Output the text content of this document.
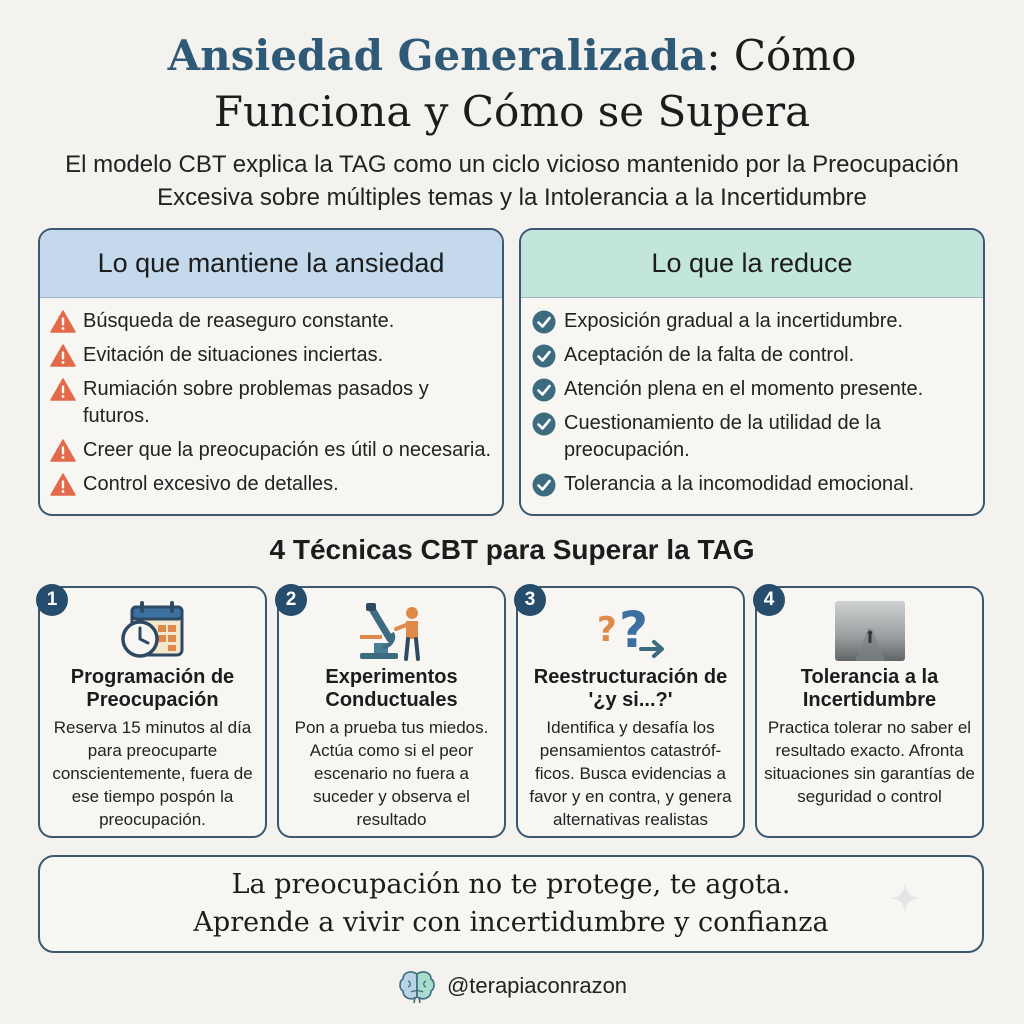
Ansiedad Generalizada: Cómo
Funciona y Cómo se Supera
El modelo CBT explica la TAG como un ciclo vicioso mantenido por la Preocupación
Excesiva sobre múltiples temas y la Intolerancia a la Incertidumbre
Lo que mantiene la ansiedad
Búsqueda de reaseguro constante.
Evitación de situaciones inciertas.
Rumiación sobre problemas pasados y futuros.
Creer que la preocupación es útil o necesaria.
Control excesivo de detalles.
Lo que la reduce
Exposición gradual a la incertidumbre.
Aceptación de la falta de control.
Atención plena en el momento presente.
Cuestionamiento de la utilidad de la preocupación.
Tolerancia a la incomodidad emocional.
4 Técnicas CBT para Superar la TAG
1
Programación de Preocupación
Reserva 15 minutos al día para preocuparte conscientemente, fuera de ese tiempo pospón la preocupación.
2
Experimentos Conductuales
Pon a prueba tus miedos. Actúa como si el peor escenario no fuera a suceder y observa el resultado
3
? ?
Reestructuración de '¿y si...?'
Identifica y desafía los pensamientos catastróf-ficos. Busca evidencias a favor y en contra, y genera alternativas realistas
4
Tolerancia a la Incertidumbre
Practica tolerar no saber el resultado exacto. Afronta situaciones sin garantías de seguridad o control
La preocupación no te protege, te agota.
Aprende a vivir con incertidumbre y confianza
@terapiaconrazon
